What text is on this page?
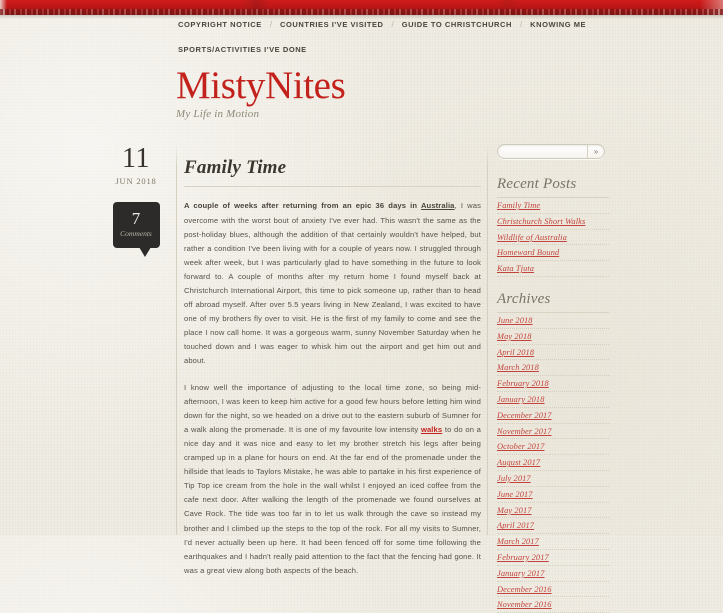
COPYRIGHT NOTICE	/	COUNTRIES I'VE VISITED	/	GUIDE TO CHRISTCHURCH	/	KNOWING ME
SPORTS/ACTIVITIES I'VE DONE
MistyNites
My Life in Motion
11
JUN 2018
7
Comments
Family Time

A couple of weeks after returning from an epic 36 days in Australia, I was overcome with the worst bout of anxiety I've ever had. This wasn't the same as the post-holiday blues, although the addition of that certainly wouldn't have helped, but rather a condition I've been living with for a couple of years now. I struggled through week after week, but I was particularly glad to have something in the future to look forward to. A couple of months after my return home I found myself back at Christchurch International Airport, this time to pick someone up, rather than to head off abroad myself. After over 5.5 years living in New Zealand, I was excited to have one of my brothers fly over to visit. He is the first of my family to come and see the place I now call home. It was a gorgeous warm, sunny November Saturday when he touched down and I was eager to whisk him out the airport and get him out and about.

I know well the importance of adjusting to the local time zone, so being mid-afternoon, I was keen to keep him active for a good few hours before letting him wind down for the night, so we headed on a drive out to the eastern suburb of Sumner for a walk along the promenade. It is one of my favourite low intensity walks to do on a nice day and it was nice and easy to let my brother stretch his legs after being cramped up in a plane for hours on end. At the far end of the promenade under the hillside that leads to Taylors Mistake, he was able to partake in his first experience of Tip Top ice cream from the hole in the wall whilst I enjoyed an iced coffee from the cafe next door. After walking the length of the promenade we found ourselves at Cave Rock. The tide was too far in to let us walk through the cave so instead my brother and I climbed up the steps to the top of the rock. For all my visits to Sumner, I'd never actually been up here. It had been fenced off for some time following the earthquakes and I hadn't really paid attention to the fact that the fencing had gone. It was a great view along both aspects of the beach.

»
Recent Posts
Family Time
Christchurch Short Walks
Wildlife of Australia
Homeward Bound
Kata Tjuta
Archives
June 2018
May 2018
April 2018
March 2018
February 2018
January 2018
December 2017
November 2017
October 2017
August 2017
July 2017
June 2017
May 2017
April 2017
March 2017
February 2017
January 2017
December 2016
November 2016
